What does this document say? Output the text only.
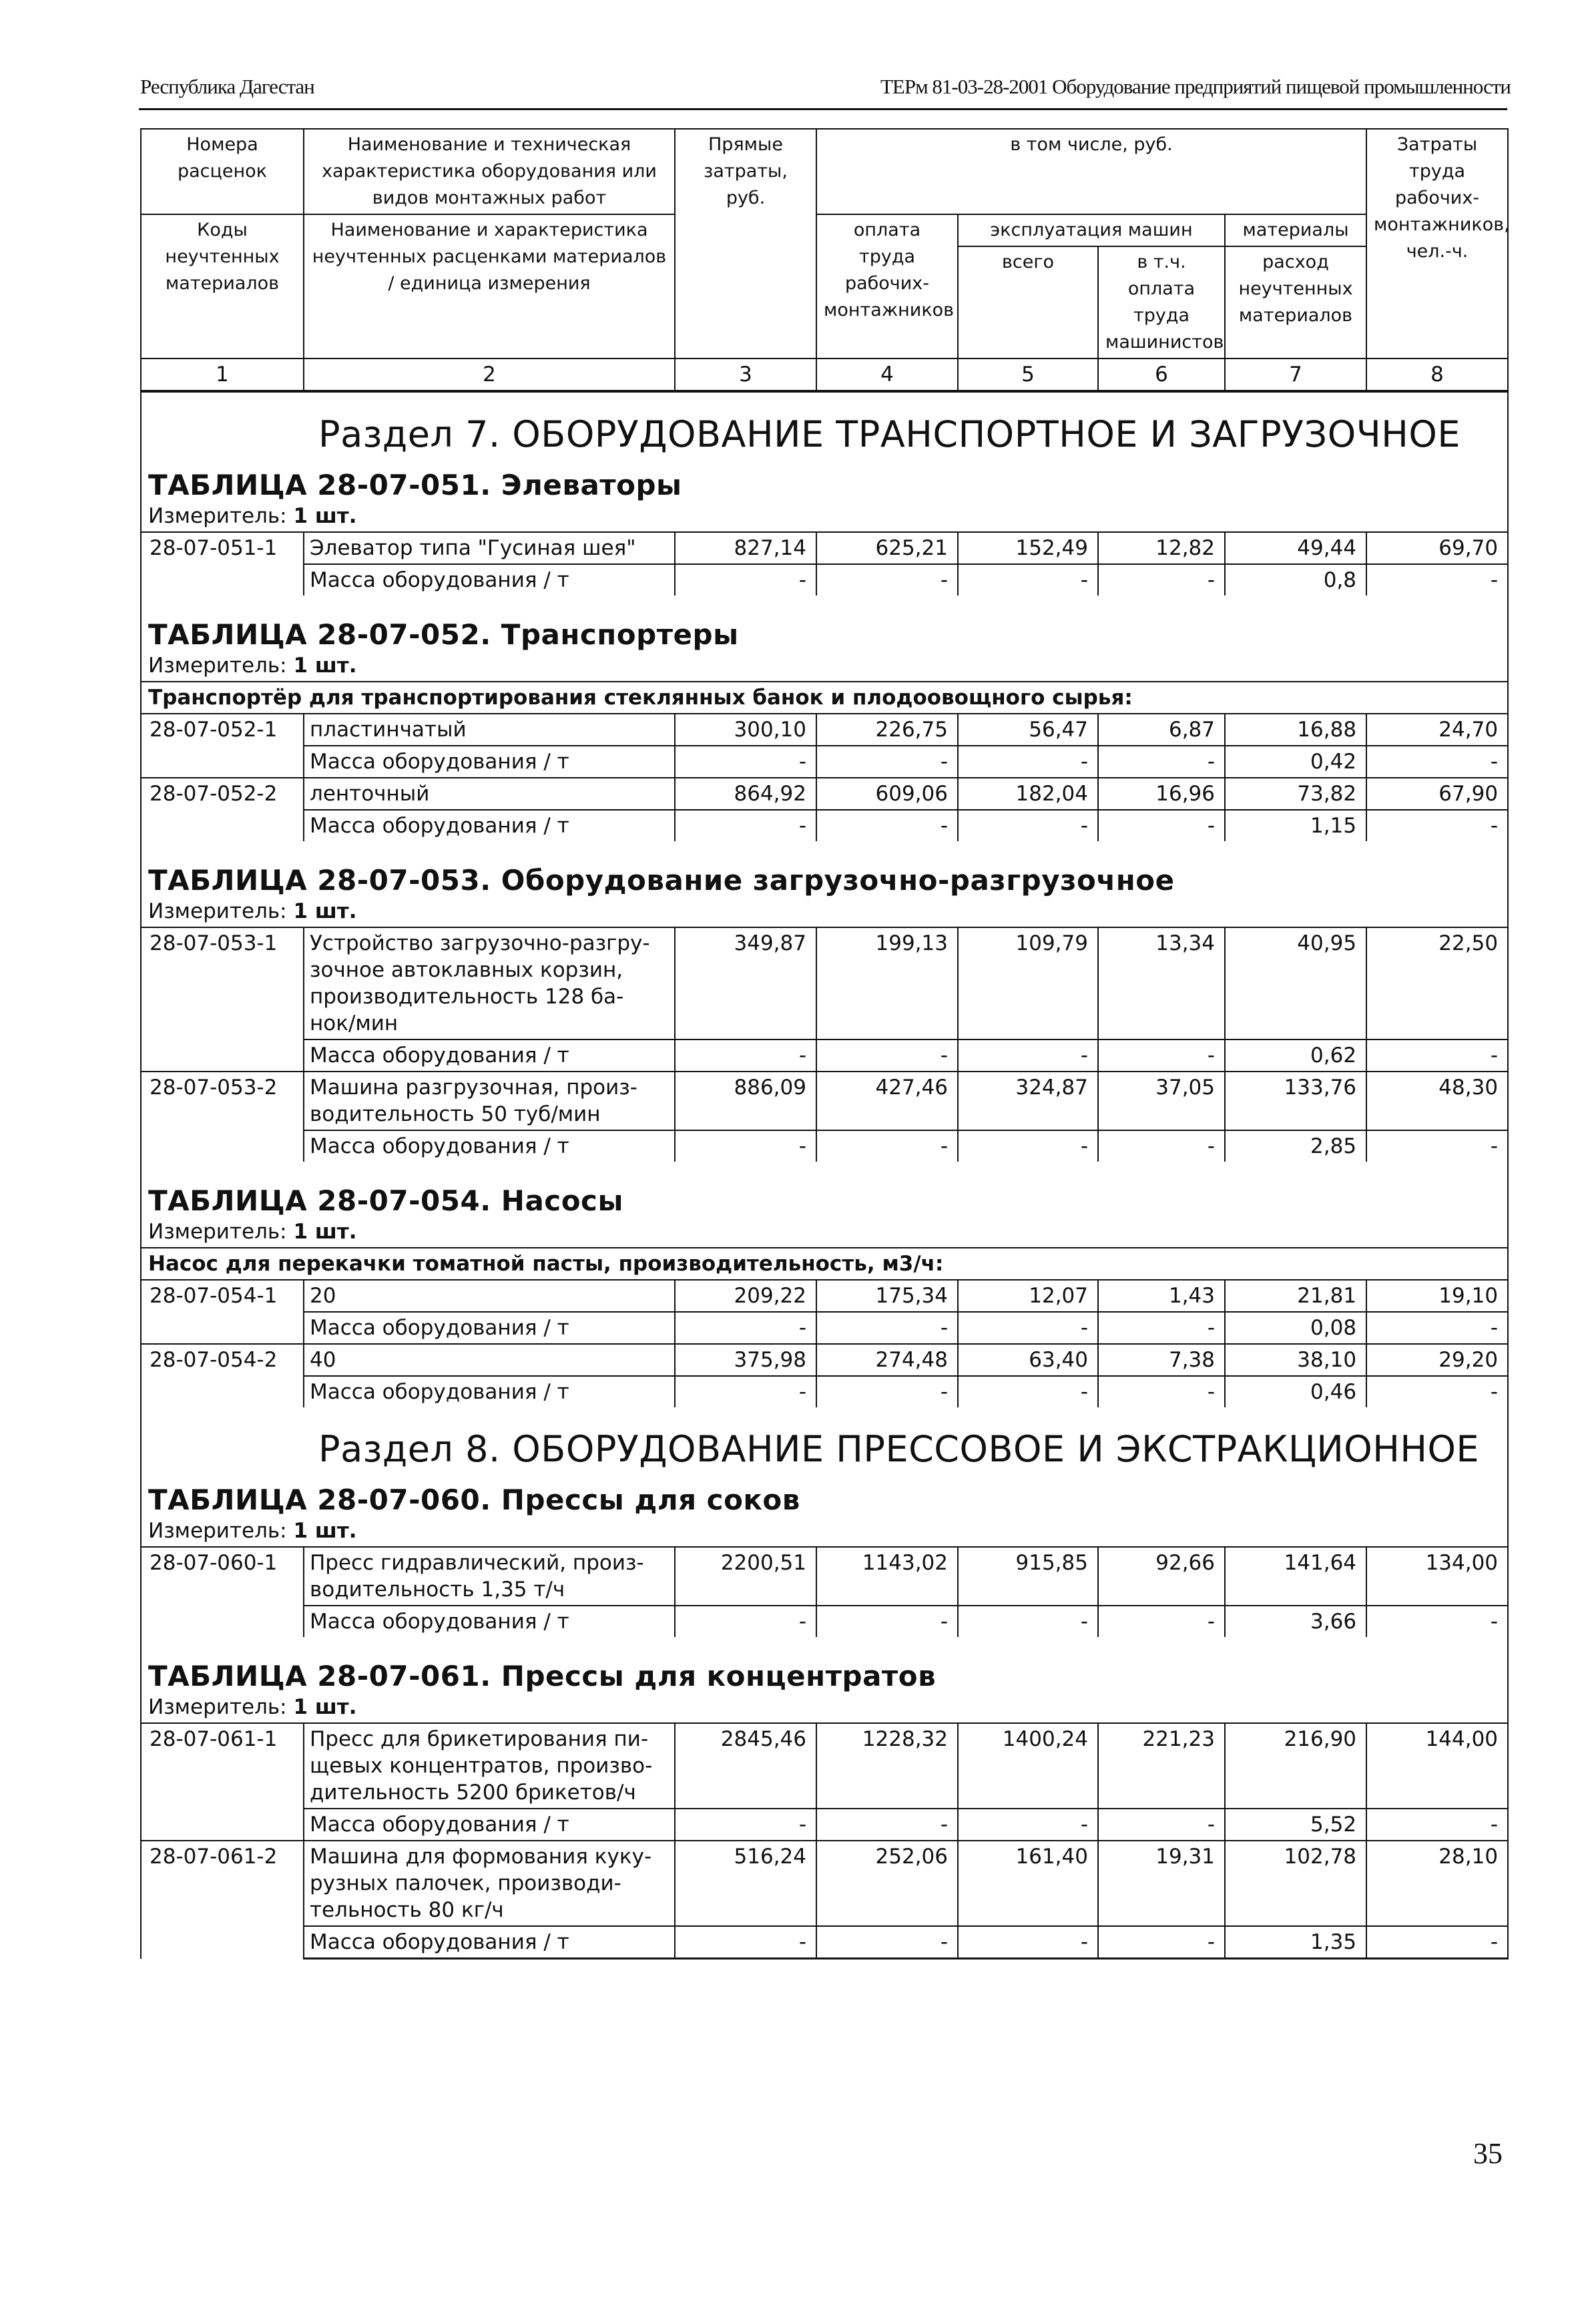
Республика Дагестан	ТЕРм 81-03-28-2001 Оборудование предприятий пищевой промышленности
Номера расценок	Наименование и техническая характеристика оборудования или видов монтажных работ	Прямые затраты, руб.	в том числе, руб.				Затраты труда рабочих-монтажников, чел.-ч.
Коды неучтенных материалов	Наименование и характеристика неучтенных расценками материалов / единица измерения		оплата труда рабочих-монтажников	эксплуатация машин		материалы	
				всего	в т.ч. оплата труда машинистов	расход неучтенных материалов	
1	2	3	4	5	6	7	8
Раздел 7. ОБОРУДОВАНИЕ ТРАНСПОРТНОЕ И ЗАГРУЗОЧНОЕ							
ТАБЛИЦА 28-07-051. Элеваторы							
Измеритель: 1 шт.							
28-07-051-1	Элеватор типа "Гусиная шея"	827,14	625,21	152,49	12,82	49,44	69,70
	Масса оборудования / т	-	-	-	-	0,8	-

ТАБЛИЦА 28-07-052. Транспортеры							
Измеритель: 1 шт.							
Транспортёр для транспортирования стеклянных банок и плодоовощного сырья:							
28-07-052-1	пластинчатый	300,10	226,75	56,47	6,87	16,88	24,70
	Масса оборудования / т	-	-	-	-	0,42	-
28-07-052-2	ленточный	864,92	609,06	182,04	16,96	73,82	67,90
	Масса оборудования / т	-	-	-	-	1,15	-

ТАБЛИЦА 28-07-053. Оборудование загрузочно-разгрузочное							
Измеритель: 1 шт.							
28-07-053-1	Устройство загрузочно-разгру-
зочное автоклавных корзин,
производительность 128 ба-
нок/мин	349,87	199,13	109,79	13,34	40,95	22,50
	Масса оборудования / т	-	-	-	-	0,62	-
28-07-053-2	Машина разгрузочная, произ-
водительность 50 туб/мин	886,09	427,46	324,87	37,05	133,76	48,30
	Масса оборудования / т	-	-	-	-	2,85	-

ТАБЛИЦА 28-07-054. Насосы							
Измеритель: 1 шт.							
Насос для перекачки томатной пасты, производительность, м3/ч:							
28-07-054-1	20	209,22	175,34	12,07	1,43	21,81	19,10
	Масса оборудования / т	-	-	-	-	0,08	-
28-07-054-2	40	375,98	274,48	63,40	7,38	38,10	29,20
	Масса оборудования / т	-	-	-	-	0,46	-
Раздел 8. ОБОРУДОВАНИЕ ПРЕССОВОЕ И ЭКСТРАКЦИОННОЕ							
ТАБЛИЦА 28-07-060. Прессы для соков							
Измеритель: 1 шт.							
28-07-060-1	Пресс гидравлический, произ-
водительность 1,35 т/ч	2200,51	1143,02	915,85	92,66	141,64	134,00
	Масса оборудования / т	-	-	-	-	3,66	-

ТАБЛИЦА 28-07-061. Прессы для концентратов							
Измеритель: 1 шт.							
28-07-061-1	Пресс для брикетирования пи-
щевых концентратов, произво-
дительность 5200 брикетов/ч	2845,46	1228,32	1400,24	221,23	216,90	144,00
	Масса оборудования / т	-	-	-	-	5,52	-
28-07-061-2	Машина для формования куку-
рузных палочек, производи-
тельность 80 кг/ч	516,24	252,06	161,40	19,31	102,78	28,10
	Масса оборудования / т	-	-	-	-	1,35	-
35
